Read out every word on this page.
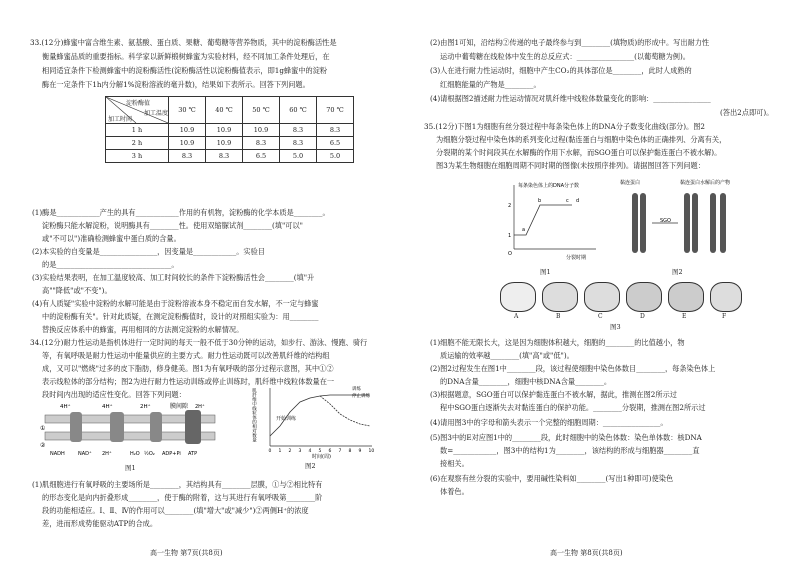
33.(12分)蜂蜜中富含维生素、氨基酸、蛋白质、果糖、葡萄糖等营养物质，其中的淀粉酶活性是
衡量蜂蜜品质的重要指标。科学家以新鲜椴树蜂蜜为实验材料，经不同加工条件处理后，在
相同适宜条件下检测蜂蜜中的淀粉酶活性(淀粉酶活性以淀粉酶值表示，即1g蜂蜜中的淀粉
酶在一定条件下1h内分解1%淀粉溶液的毫升数)，结果如下表所示。回答下列问题。
淀粉酶值
加工温度
加工时间	30 ℃	40 ℃	50 ℃	60 ℃	70 ℃
1 h	10.9	10.9	10.9	8.3	8.3
2 h	10.9	10.9	8.3	8.3	6.5
3 h	8.3	8.3	6.5	5.0	5.0
(1)酶是____________产生的具有____________作用的有机物，淀粉酶的化学本质是________。
淀粉酶只能水解淀粉，说明酶具有________性。使用双缩脲试剂________(填"可以"
或"不可以")准确检测蜂蜜中蛋白质的含量。
(2)本实验的自变量是________________，因变量是____________。实验目
的是________________________________。
(3)实验结果表明，在加工温度较高、加工时间较长的条件下淀粉酶活性会________(填"升
高""降低"或"不变")。
(4)有人质疑"实验中淀粉的水解可能是由于淀粉溶液本身不稳定而自发水解，不一定与蜂蜜
中的淀粉酶有关"。针对此质疑，在测定淀粉酶值时，设计的对照组实验为：用________
替换反应体系中的蜂蜜，再用相同的方法测定淀粉的水解情况。
34.(12分)耐力性运动是指机体进行一定时间的每天一般不低于30分钟的运动，如步行、游泳、慢跑、骑行
等，有氧呼吸是耐力性运动中能量供应的主要方式。耐力性运动既可以改善肌纤维的结构组
成，又可以"燃烧"过多的皮下脂肪，修身健美。图1为有氧呼吸的部分过程示意图，其中①②
表示线粒体的部分结构；图2为进行耐力性运动训练或停止训练时，肌纤维中线粒体数量在一
段时间内出现的适应性变化。回答下列问题：
膜间隙
4H⁺	4H⁺	2H⁺
①
②
NADH	NAD⁺ 2H⁺	H₂O ½O₂ ADP+Pi ATP
2H⁺
图1
肌纤维中线粒体的相对数量
0 1 2 3 4 5 6 7 8 9 10
开始训练
训练
停止训练
时间(周)
图2
(1)肌细胞进行有氧呼吸的主要场所是________，其结构具有________层膜，①与②相比特有
的形态变化是向内折叠形成________，使于酶的附着，这与其进行有氧呼吸第________阶
段的功能相适应。Ⅰ、Ⅱ、Ⅳ的作用可以________(填"增大"或"减少")②两侧H⁺的浓度
差，进而形成势能驱动ATP的合成。
高一生物 第7页(共8页)
(2)由图1可知，沿结构②传递的电子最终参与到________(填物质)的形成中。写出耐力性
运动中葡萄糖在线粒体中发生的总反应式：________________(以葡萄糖为例)。
(3)人在进行耐力性运动时，细胞中产生CO₂的具体部位是________，此时人成熟的
红细胞能量的产物是________。
(4)请根据图2描述耐力性运动情况对肌纤维中线粒体数量变化的影响：________________
(答出2点即可)。
35.(12分)下图1为细胞有丝分裂过程中每条染色体上的DNA分子数变化曲线(部分)。图2
为细胞分裂过程中染色体的系列变化过程(黏连蛋白与细胞中染色体的正确排列、分离有关，
分裂期的某个时间段其在水解酶的作用下水解，而SGO蛋白可以保护黏连蛋白不被水解)。
图3为某生物细胞在细胞周期不同时期的图像(未按照序排列)。请据图回答下列问题：
每条染色体上的DNA分子数
2
1
O
a
b	c d
分裂时期
图1
黏连蛋白	黏连蛋白水解后的产物
SGO
图2
A	B	C	D	E	F
图3
(1)细胞不能无限长大，这是因为细胞体积越大，细胞的________的比值越小，物
质运输的效率越________(填"高"或"低")。
(2)图2过程发生在图1中________段，该过程使细胞中染色体数目________，每条染色体上
的DNA含量________，细胞中核DNA含量________。
(3)根据题意，SGO蛋白可以保护黏连蛋白不被水解，据此，推测在图2所示过
程中SGO蛋白逐渐失去对黏连蛋白的保护功能。________分裂期，推测在图2所示过
(4)请用图3中的字母和箭头表示一个完整的细胞周期：________________。
(5)图3中的E对应图1中的________段，此时细胞中的染色体数：染色单体数：核DNA
数=____________，图3中的结构1为________，该结构的形成与细胞器________直
接相关。
(6)在观察有丝分裂的实验中，要用碱性染料如________(写出1种即可)使染色
体着色。
高一生物 第8页(共8页)
